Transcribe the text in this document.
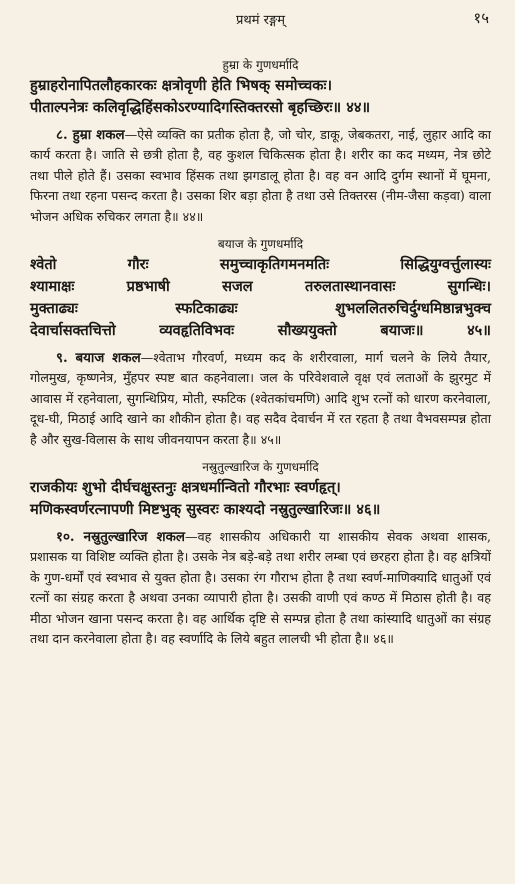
प्रथमं रङ्गम्	१५
हुम्रा के गुणधर्मादि
हुम्राहरोनापितलौहकारकः क्षत्रोवृणी हेति भिषक् समोच्चकः।
पीताल्पनेत्रः कलिवृद्धिहिंसकोऽरण्यादिगस्तिक्तरसो बृहच्छिरः॥ ४४॥
८. हुम्रा शकल—ऐसे व्यक्ति का प्रतीक होता है, जो चोर, डाकू, जेबकतरा, नाई, लुहार आदि का कार्य करता है। जाति से छत्री होता है, वह कुशल चिकित्सक होता है। शरीर का कद मध्यम, नेत्र छोटे तथा पीले होते हैं। उसका स्वभाव हिंसक तथा झगडालू होता है। वह वन आदि दुर्गम स्थानों में घूमना, फिरना तथा रहना पसन्द करता है। उसका शिर बड़ा होता है तथा उसे तिक्तरस (नीम-जैसा कड़वा) वाला भोजन अधिक रुचिकर लगता है॥ ४४॥
बयाज के गुणधर्मादि
श्वेतो गौरः समुच्चाकृतिगमनमतिः सिद्धियुग्वर्त्तुलास्यः
श्यामाक्षः प्रष्ठभाषी सजल तरुलतास्थानवासः सुगन्धिः।
मुक्ताढ्यः स्फटिकाढ्यः शुभललितरुचिर्दुग्धमिष्ठान्नभुक्च
देवार्चासक्तचित्तो व्यवहृतिविभवः सौख्ययुक्तो बयाजः॥ ४५॥
९. बयाज शकल—श्वेताभ गौरवर्ण, मध्यम कद के शरीरवाला, मार्ग चलने के लिये तैयार, गोलमुख, कृष्णनेत्र, मुँहपर स्पष्ट बात कहनेवाला। जल के परिवेशवाले वृक्ष एवं लताओं के झुरमुट में आवास में रहनेवाला, सुगन्धिप्रिय, मोती, स्फटिक (श्वेतकांचमणि) आदि शुभ रत्नों को धारण करनेवाला, दूध-घी, मिठाई आदि खाने का शौकीन होता है। वह सदैव देवार्चन में रत रहता है तथा वैभवसम्पन्न होता है और सुख-विलास के साथ जीवनयापन करता है॥ ४५॥
नस्रुतुल्खारिज के गुणधर्मादि
राजकीयः शुभो दीर्घचक्षुस्तनुः क्षत्रधर्मान्वितो गौरभाः स्वर्णहृत्।
मणिकस्वर्णरत्नापणी मिष्टभुक् सुस्वरः काश्यदो नस्रुतुल्खारिजः॥ ४६॥
१०. नस्रुतुल्खारिज शकल—वह शासकीय अधिकारी या शासकीय सेवक अथवा शासक, प्रशासक या विशिष्ट व्यक्ति होता है। उसके नेत्र बड़े-बड़े तथा शरीर लम्बा एवं छरहरा होता है। वह क्षत्रियों के गुण-धर्मों एवं स्वभाव से युक्त होता है। उसका रंग गौराभ होता है तथा स्वर्ण-माणिक्यादि धातुओं एवं रत्नों का संग्रह करता है अथवा उनका व्यापारी होता है। उसकी वाणी एवं कण्ठ में मिठास होती है। वह मीठा भोजन खाना पसन्द करता है। वह आर्थिक दृष्टि से सम्पन्न होता है तथा कांस्यादि धातुओं का संग्रह तथा दान करनेवाला होता है। वह स्वर्णादि के लिये बहुत लालची भी होता है॥ ४६॥
